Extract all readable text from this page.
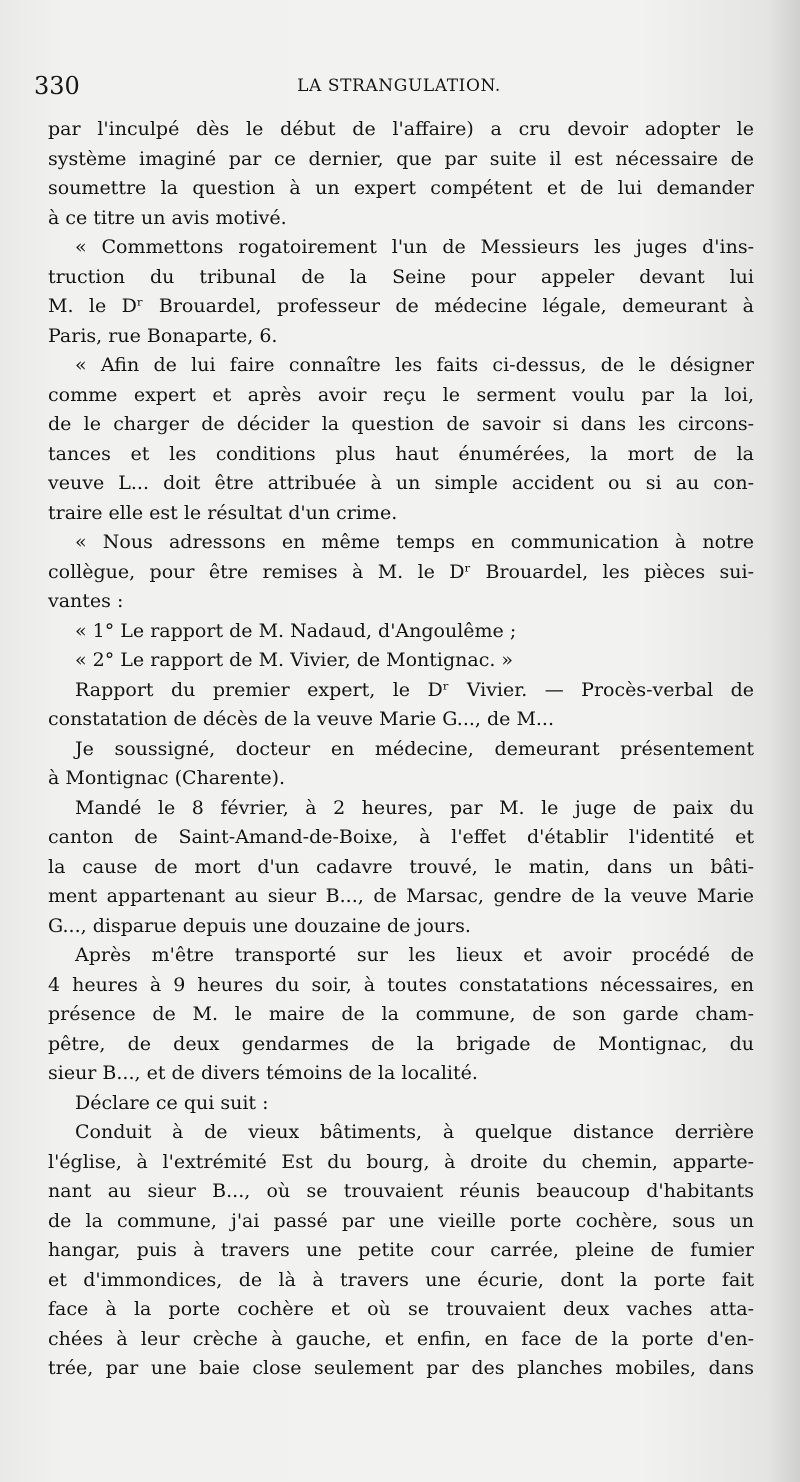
330	LA STRANGULATION.
par l'inculpé dès le début de l'affaire) a cru devoir adopter le
système imaginé par ce dernier, que par suite il est nécessaire de
soumettre la question à un expert compétent et de lui demander
à ce titre un avis motivé.
« Commettons rogatoirement l'un de Messieurs les juges d'ins-
truction du tribunal de la Seine pour appeler devant lui
M. le Dʳ Brouardel, professeur de médecine légale, demeurant à
Paris, rue Bonaparte, 6.
« Afin de lui faire connaître les faits ci-dessus, de le désigner
comme expert et après avoir reçu le serment voulu par la loi,
de le charger de décider la question de savoir si dans les circons-
tances et les conditions plus haut énumérées, la mort de la
veuve L... doit être attribuée à un simple accident ou si au con-
traire elle est le résultat d'un crime.
« Nous adressons en même temps en communication à notre
collègue, pour être remises à M. le Dʳ Brouardel, les pièces sui-
vantes :
« 1° Le rapport de M. Nadaud, d'Angoulême ;
« 2° Le rapport de M. Vivier, de Montignac. »
Rapport du premier expert, le Dʳ Vivier. — Procès-verbal de
constatation de décès de la veuve Marie G..., de M...
Je soussigné, docteur en médecine, demeurant présentement
à Montignac (Charente).
Mandé le 8 février, à 2 heures, par M. le juge de paix du
canton de Saint-Amand-de-Boixe, à l'effet d'établir l'identité et
la cause de mort d'un cadavre trouvé, le matin, dans un bâti-
ment appartenant au sieur B..., de Marsac, gendre de la veuve Marie
G..., disparue depuis une douzaine de jours.
Après m'être transporté sur les lieux et avoir procédé de
4 heures à 9 heures du soir, à toutes constatations nécessaires, en
présence de M. le maire de la commune, de son garde cham-
pêtre, de deux gendarmes de la brigade de Montignac, du
sieur B..., et de divers témoins de la localité.
Déclare ce qui suit :
Conduit à de vieux bâtiments, à quelque distance derrière
l'église, à l'extrémité Est du bourg, à droite du chemin, apparte-
nant au sieur B..., où se trouvaient réunis beaucoup d'habitants
de la commune, j'ai passé par une vieille porte cochère, sous un
hangar, puis à travers une petite cour carrée, pleine de fumier
et d'immondices, de là à travers une écurie, dont la porte fait
face à la porte cochère et où se trouvaient deux vaches atta-
chées à leur crèche à gauche, et enfin, en face de la porte d'en-
trée, par une baie close seulement par des planches mobiles, dans
